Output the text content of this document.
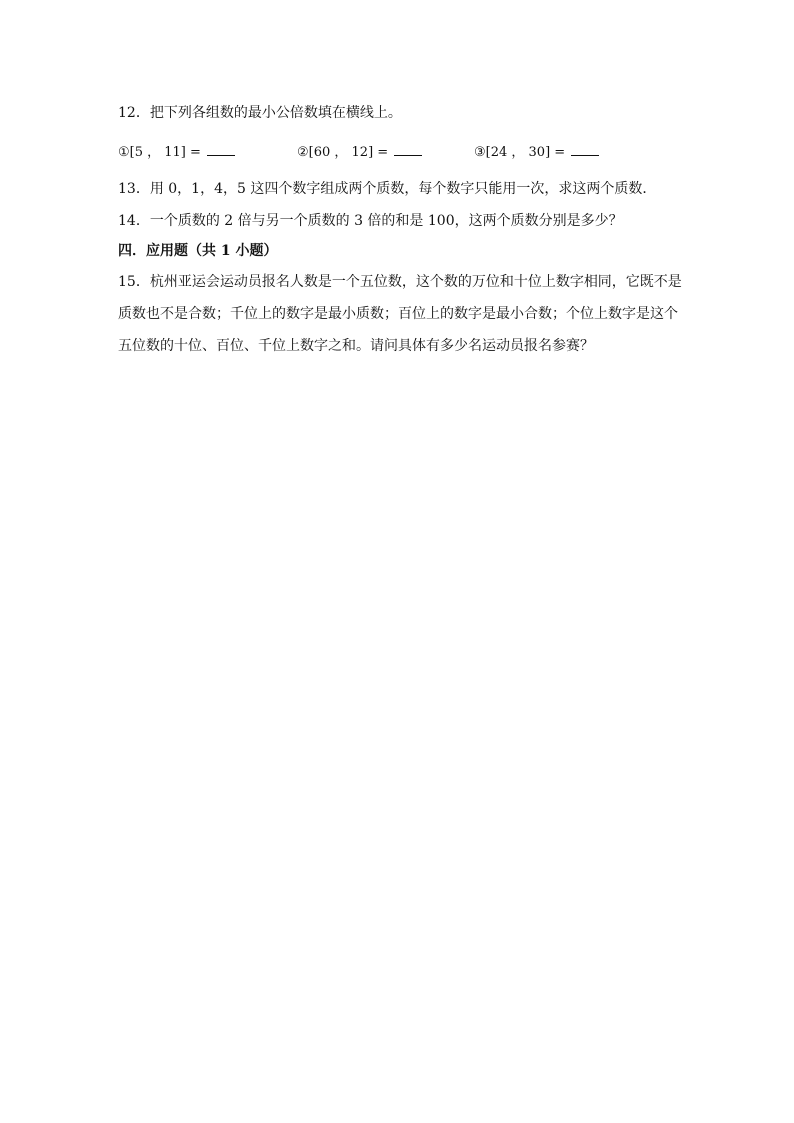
12．把下列各组数的最小公倍数填在横线上。
①[5 ， 11] =	②[60 ， 12] =	③[24 ， 30] =
13．用 0，1，4，5 这四个数字组成两个质数，每个数字只能用一次，求这两个质数．
14．一个质数的 2 倍与另一个质数的 3 倍的和是 100，这两个质数分别是多少？
四．应用题（共 1 小题）
15．杭州亚运会运动员报名人数是一个五位数，这个数的万位和十位上数字相同，它既不是
质数也不是合数；千位上的数字是最小质数；百位上的数字是最小合数；个位上数字是这个
五位数的十位、百位、千位上数字之和。请问具体有多少名运动员报名参赛？
